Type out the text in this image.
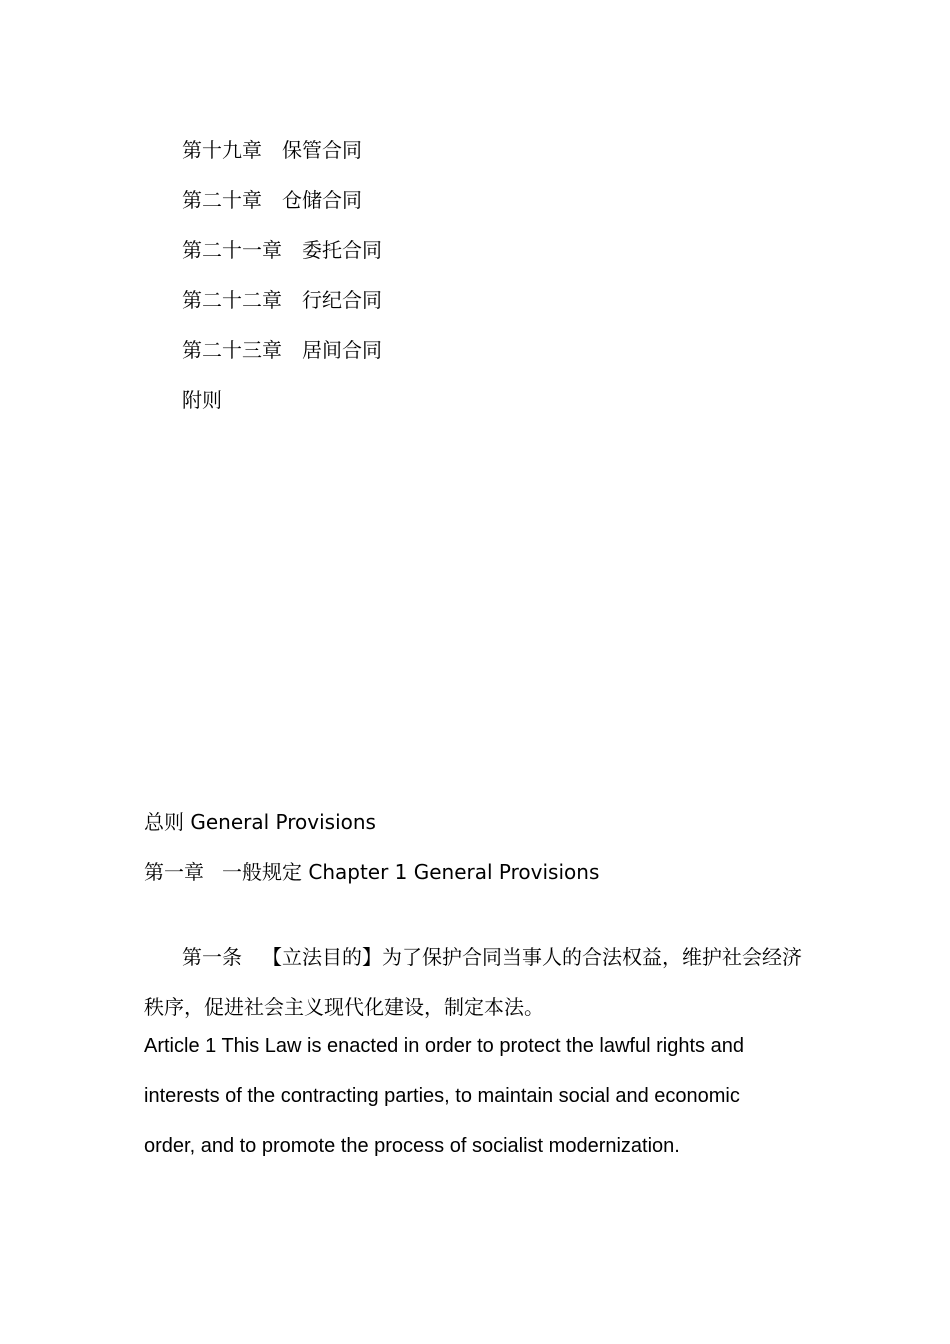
第十九章 保管合同
第二十章 仓储合同
第二十一章 委托合同
第二十二章 行纪合同
第二十三章 居间合同
附则
总则 General Provisions
第一章 一般规定 Chapter 1 General Provisions

第一条 【立法目的】为了保护合同当事人的合法权益，维护社会经济秩序，促进社会主义现代化建设，制定本法。

Article 1 This Law is enacted in order to protect the lawful rights and
interests of the contracting parties, to maintain social and economic
order, and to promote the process of socialist modernization.
